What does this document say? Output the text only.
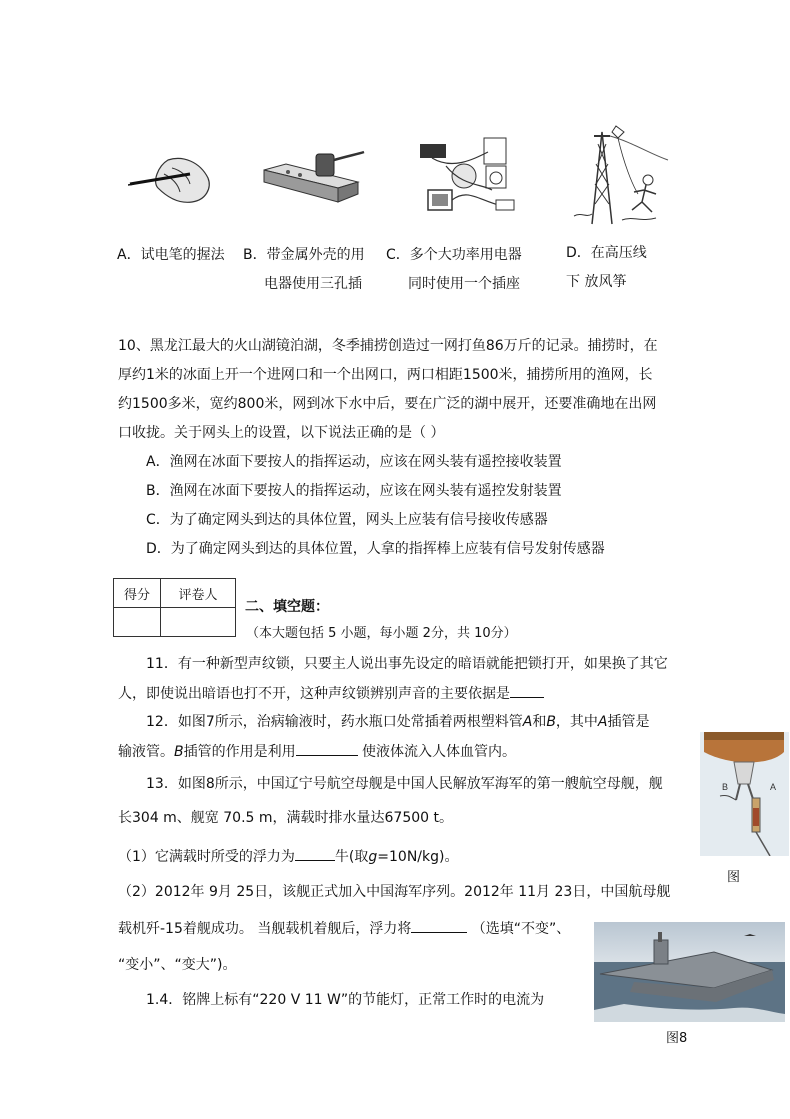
A．试电笔的握法 B．带金属外壳的用
电器使用三孔插
C．多个大功率用电器
同时使用一个插座
D．在高压线
下 放风筝
10、黑龙江最大的火山湖镜泊湖，冬季捕捞创造过一网打鱼86万斤的记录。捕捞时，在
厚约1米的冰面上开一个进网口和一个出网口，两口相距1500米，捕捞所用的渔网，长
约1500多米，宽约800米，网到冰下水中后，要在广泛的湖中展开，还要准确地在出网
口收拢。关于网头上的设置，以下说法正确的是（ ）
A．渔网在冰面下要按人的指挥运动，应该在网头装有遥控接收装置
B．渔网在冰面下要按人的指挥运动，应该在网头装有遥控发射装置
C．为了确定网头到达的具体位置，网头上应装有信号接收传感器
D．为了确定网头到达的具体位置，人拿的指挥棒上应装有信号发射传感器
得分	评卷人

二、填空题：
（本大题包括 5 小题，每小题 2分，共 10分）
11．有一种新型声纹锁，只要主人说出事先设定的暗语就能把锁打开，如果换了其它
人，即使说出暗语也打不开，这种声纹锁辨别声音的主要依据是
12．如图7所示，治病输液时，药水瓶口处常插着两根塑料管A和B，其中A插管是
输液管。B插管的作用是利用	使液体流入人体血管内。
13．如图8所示，中国辽宁号航空母舰是中国人民解放军海军的第一艘航空母舰，舰
长304 m、舰宽 70.5 m，满载时排水量达67500 t。
（1）它满载时所受的浮力为	牛(取g=10N/kg)。
（2）2012年 9月 25日，该舰正式加入中国海军序列。2012年 11月 23日，中国航母舰
载机歼-15着舰成功。 当舰载机着舰后，浮力将	（选填“不变”、
“变小”、“变大”)。
1.4．铭牌上标有“220 V 11 W”的节能灯，正常工作时的电流为
B	A
图
图8
